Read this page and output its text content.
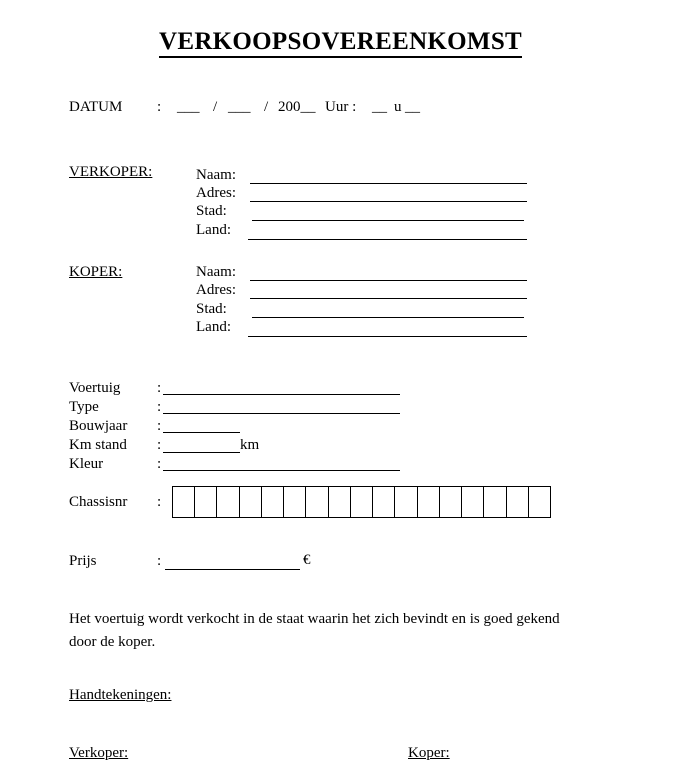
VERKOOPSOVEREENKOMST
DATUM : ___ / ___ / 200__ Uur : __ u __
VERKOPER:	Naam:
Adres:
Stad:
Land:
KOPER:	Naam:
Adres:
Stad:
Land:
Voertuig :
Type	:
Bouwjaar :
Km stand :	km
Kleur	:
Chassisnr :
Prijs	:	€
Het voertuig wordt verkocht in de staat waarin het zich bevindt en is goed gekend door de koper.
Handtekeningen:
Verkoper:	Koper:
